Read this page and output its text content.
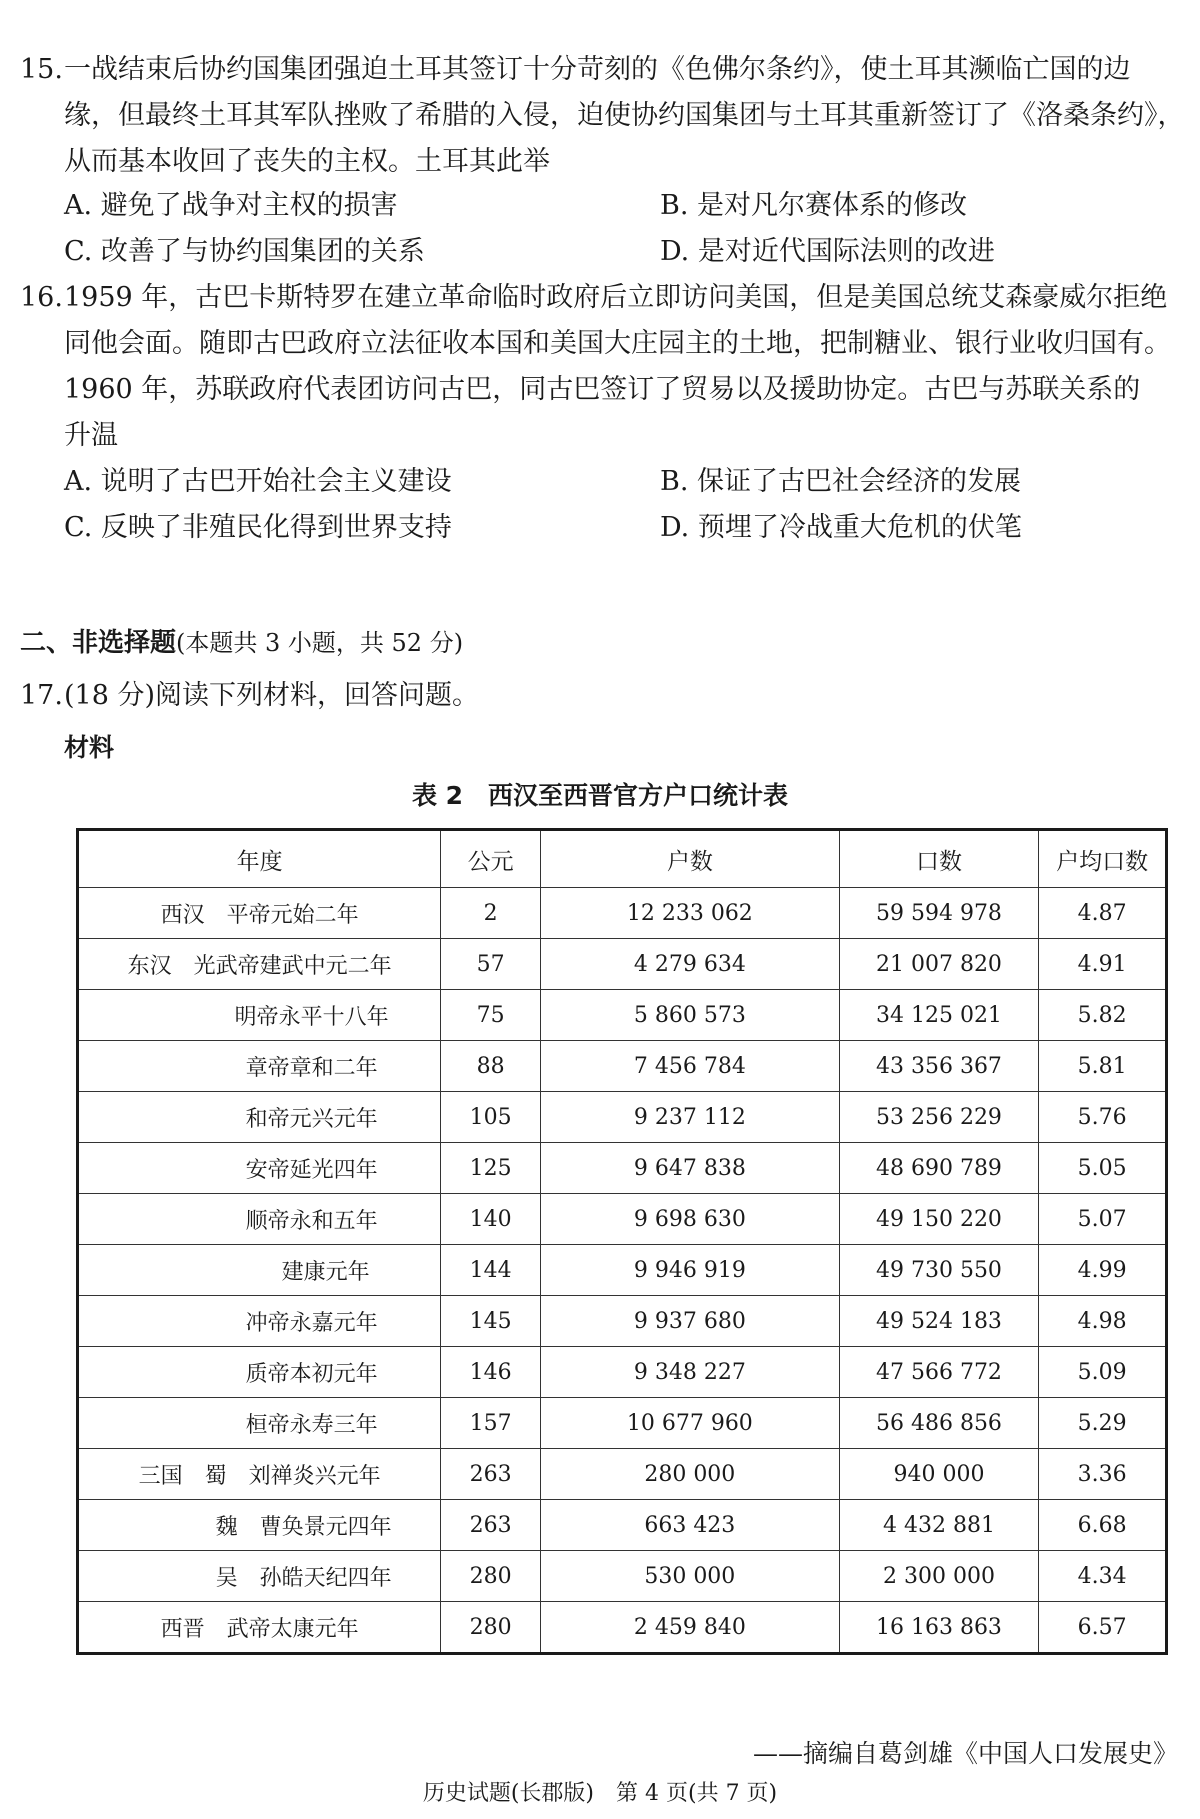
15.一战结束后协约国集团强迫土耳其签订十分苛刻的《色佛尔条约》，使土耳其濒临亡国的边
缘，但最终土耳其军队挫败了希腊的入侵，迫使协约国集团与土耳其重新签订了《洛桑条约》，
从而基本收回了丧失的主权。土耳其此举
A. 避免了战争对主权的损害	B. 是对凡尔赛体系的修改
C. 改善了与协约国集团的关系	D. 是对近代国际法则的改进
16.1959 年，古巴卡斯特罗在建立革命临时政府后立即访问美国，但是美国总统艾森豪威尔拒绝
同他会面。随即古巴政府立法征收本国和美国大庄园主的土地，把制糖业、银行业收归国有。
1960 年，苏联政府代表团访问古巴，同古巴签订了贸易以及援助协定。古巴与苏联关系的
升温
A. 说明了古巴开始社会主义建设	B. 保证了古巴社会经济的发展
C. 反映了非殖民化得到世界支持	D. 预埋了冷战重大危机的伏笔
二、非选择题(本题共 3 小题，共 52 分)
17.(18 分)阅读下列材料，回答问题。
材料
表 2　西汉至西晋官方户口统计表
年度	公元	户数	口数	户均口数
西汉　平帝元始二年	2	12 233 062	59 594 978	4.87
东汉　光武帝建武中元二年	57	4 279 634	21 007 820	4.91
明帝永平十八年	75	5 860 573	34 125 021	5.82
章帝章和二年	88	7 456 784	43 356 367	5.81
和帝元兴元年	105	9 237 112	53 256 229	5.76
安帝延光四年	125	9 647 838	48 690 789	5.05
顺帝永和五年	140	9 698 630	49 150 220	5.07
建康元年	144	9 946 919	49 730 550	4.99
冲帝永嘉元年	145	9 937 680	49 524 183	4.98
质帝本初元年	146	9 348 227	47 566 772	5.09
桓帝永寿三年	157	10 677 960	56 486 856	5.29
三国　蜀　刘禅炎兴元年	263	280 000	940 000	3.36
魏　曹奂景元四年	263	663 423	4 432 881	6.68
吴　孙皓天纪四年	280	530 000	2 300 000	4.34
西晋　武帝太康元年	280	2 459 840	16 163 863	6.57
——摘编自葛剑雄《中国人口发展史》
历史试题(长郡版)　第 4 页(共 7 页)
